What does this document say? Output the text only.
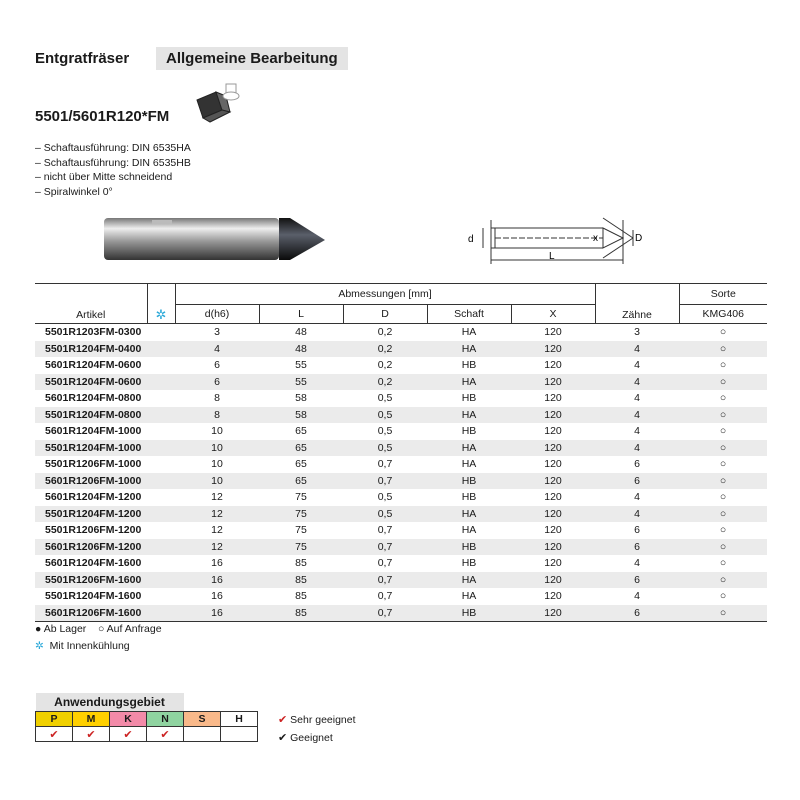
Entgratfräser	Allgemeine Bearbeitung
5501/5601R120*FM
– Schaftausführung: DIN 6535HA
– Schaftausführung: DIN 6535HB
– nicht über Mitte schneidend
– Spiralwinkel 0°
d
L
x	D
Artikel	✲	Abmessungen [mm]					Zähne	Sorte
		d(h6)	L	D	Schaft	X		KMG406
5501R1203FM-0300		3	48	0,2	HA	120	3	○
5501R1204FM-0400		4	48	0,2	HA	120	4	○
5601R1204FM-0600		6	55	0,2	HB	120	4	○
5501R1204FM-0600		6	55	0,2	HA	120	4	○
5601R1204FM-0800		8	58	0,5	HB	120	4	○
5501R1204FM-0800		8	58	0,5	HA	120	4	○
5601R1204FM-1000		10	65	0,5	HB	120	4	○
5501R1204FM-1000		10	65	0,5	HA	120	4	○
5501R1206FM-1000		10	65	0,7	HA	120	6	○
5601R1206FM-1000		10	65	0,7	HB	120	6	○
5601R1204FM-1200		12	75	0,5	HB	120	4	○
5501R1204FM-1200		12	75	0,5	HA	120	4	○
5501R1206FM-1200		12	75	0,7	HA	120	6	○
5601R1206FM-1200		12	75	0,7	HB	120	6	○
5601R1204FM-1600		16	85	0,7	HB	120	4	○
5501R1206FM-1600		16	85	0,7	HA	120	6	○
5501R1204FM-1600		16	85	0,7	HA	120	4	○
5601R1206FM-1600		16	85	0,7	HB	120	6	○
● Ab Lager ○ Auf Anfrage
✲ Mit Innenkühlung
Anwendungsgebiet					
P	M	K	N	S	H
✔	✔	✔	✔		
✔ Sehr geeignet
✔ Geeignet
